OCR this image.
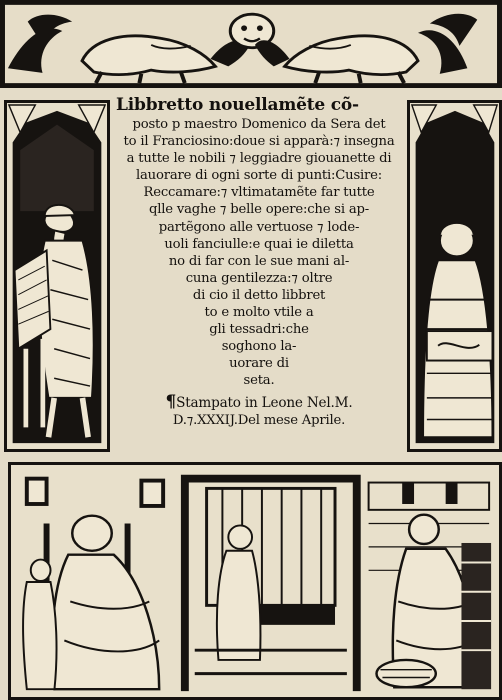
Libbretto nouellamẽte cõ-
posto p maestro Domenico da Sera det
to il Franciosino:doue si apparà:⁊ insegna
a tutte le nobili ⁊ leggiadre giouanette di
lauorare di ogni sorte di punti:Cusire:
Reccamare:⁊ vltimatamẽte far tutte
qlle vaghe ⁊ belle opere:che si ap-
partẽgono alle vertuose ⁊ lode-
uoli fanciulle:e quai ie diletta
no di far con le sue mani al-
cuna gentilezza:⁊ oltre
di cio il detto libbret
to e molto vtile a
gli tessadri:che
soghono la-
uorare di
seta.
¶Stampato in Leone Nel.M.
D.⁊.XXXIJ.Del mese Aprile.
